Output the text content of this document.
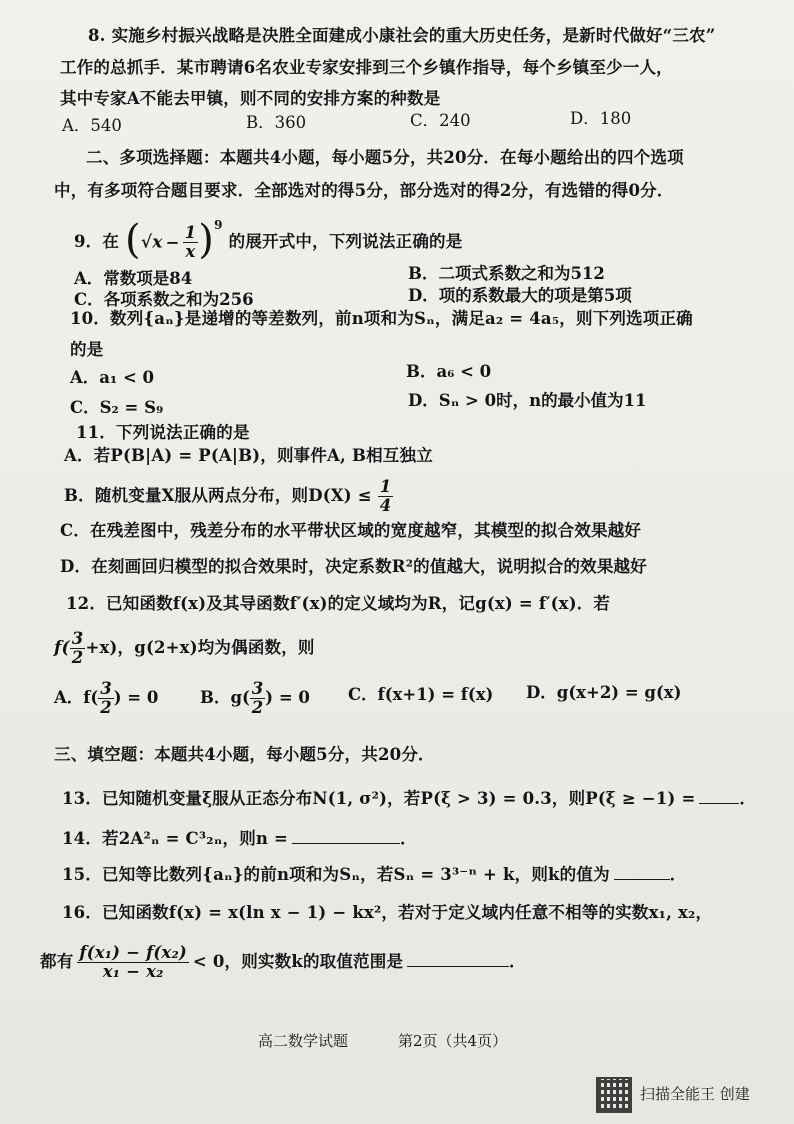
8. 实施乡村振兴战略是决胜全面建成小康社会的重大历史任务，是新时代做好“三农”
工作的总抓手．某市聘请6名农业专家安排到三个乡镇作指导，每个乡镇至少一人，
其中专家A不能去甲镇，则不同的安排方案的种数是
A．540	B．360	C．240	D．180
二、多项选择题：本题共4小题，每小题5分，共20分．在每小题给出的四个选项
中，有多项符合题目要求．全部选对的得5分，部分选对的得2分，有选错的得0分．
9．在 $(√x - \frac{1}{x} )^9$ 的展开式中，下列说法正确的是
A．常数项是84	B．二项式系数之和为512
C．各项系数之和为256	D．项的系数最大的项是第5项
10．数列{aₙ}是递增的等差数列，前n项和为Sₙ，满足a₂ = 4a₅，则下列选项正确
的是
A．a₁ < 0	B．a₆ < 0
C．S₂ = S₉	D．Sₙ > 0时，n的最小值为11
11．下列说法正确的是
A．若P(B|A) = P(A|B)，则事件A, B相互独立
B．随机变量X服从两点分布，则$D(X) \le \frac{1}{4}$
C．在残差图中，残差分布的水平带状区域的宽度越窄，其模型的拟合效果越好
D．在刻画回归模型的拟合效果时，决定系数R²的值越大，说明拟合的效果越好
12．已知函数f(x)及其导函数f′(x)的定义域均为R，记g(x) = f′(x)．若
$f( \frac{3}{2} +x)$，g(2+x)均为偶函数，则
A．$f( \frac{3}{2}$ ) = 0	B．$g( \frac{3}{2}$ ) = 0 C．f(x+1) = f(x) D．g(x+2) = g(x)
三、填空题：本题共4小题，每小题5分，共20分．
13．已知随机变量ξ服从正态分布N(1, σ²)，若P(ξ > 3) = 0.3，则P(ξ ≥ −1) =	．
14．若2A²ₙ = C³₂ₙ，则n =	．
15．已知等比数列{aₙ}的前n项和为Sₙ，若Sₙ = 3³⁻ⁿ + k，则k的值为	．
16．已知函数f(x) = x(ln x − 1) − kx²，若对于定义域内任意不相等的实数x₁, x₂，
都有 $\frac{\text{f(x₁) − f(x₂)}}{\text{x₁ − x₂}} < 0$，则实数k的取值范围是	．
高二数学试题	第2页（共4页）
扫描全能王 创建
